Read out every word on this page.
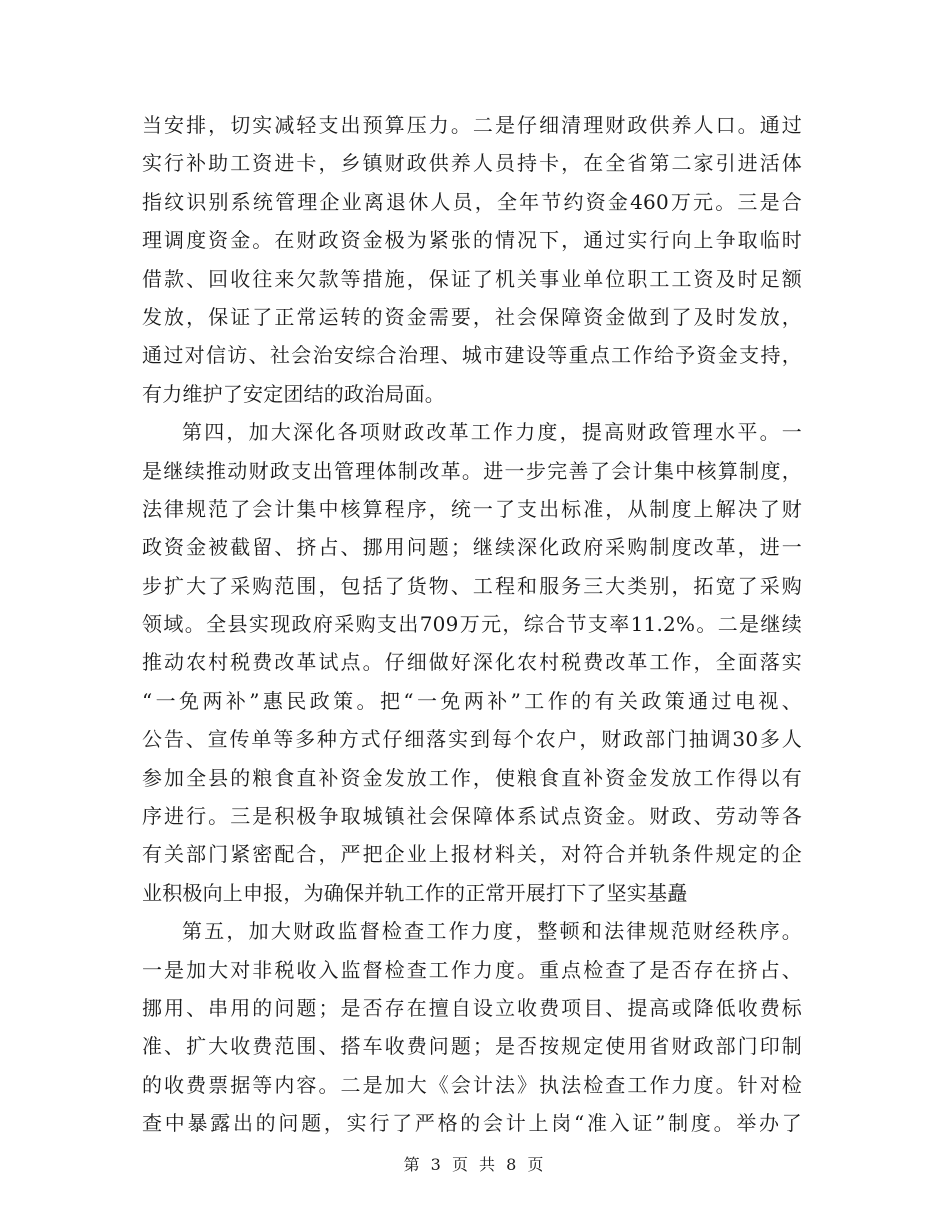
当安排，切实减轻支出预算压力。二是仔细清理财政供养人口。通过
实行补助工资进卡，乡镇财政供养人员持卡，在全省第二家引进活体
指纹识别系统管理企业离退休人员，全年节约资金460万元。三是合
理调度资金。在财政资金极为紧张的情况下，通过实行向上争取临时
借款、回收往来欠款等措施，保证了机关事业单位职工工资及时足额
发放，保证了正常运转的资金需要，社会保障资金做到了及时发放，
通过对信访、社会治安综合治理、城市建设等重点工作给予资金支持，
有力维护了安定团结的政治局面。
第四，加大深化各项财政改革工作力度，提高财政管理水平。一
是继续推动财政支出管理体制改革。进一步完善了会计集中核算制度，
法律规范了会计集中核算程序，统一了支出标准，从制度上解决了财
政资金被截留、挤占、挪用问题；继续深化政府采购制度改革，进一
步扩大了采购范围，包括了货物、工程和服务三大类别，拓宽了采购
领域。全县实现政府采购支出709万元，综合节支率11.2%。二是继续
推动农村税费改革试点。仔细做好深化农村税费改革工作，全面落实
“一免两补”惠民政策。把“一免两补”工作的有关政策通过电视、
公告、宣传单等多种方式仔细落实到每个农户，财政部门抽调30多人
参加全县的粮食直补资金发放工作，使粮食直补资金发放工作得以有
序进行。三是积极争取城镇社会保障体系试点资金。财政、劳动等各
有关部门紧密配合，严把企业上报材料关，对符合并轨条件规定的企
业积极向上申报，为确保并轨工作的正常开展打下了坚实基矗
第五，加大财政监督检查工作力度，整顿和法律规范财经秩序。
一是加大对非税收入监督检查工作力度。重点检查了是否存在挤占、
挪用、串用的问题；是否存在擅自设立收费项目、提高或降低收费标
准、扩大收费范围、搭车收费问题；是否按规定使用省财政部门印制
的收费票据等内容。二是加大《会计法》执法检查工作力度。针对检
查中暴露出的问题，实行了严格的会计上岗“准入证”制度。举办了
第 3 页 共 8 页
